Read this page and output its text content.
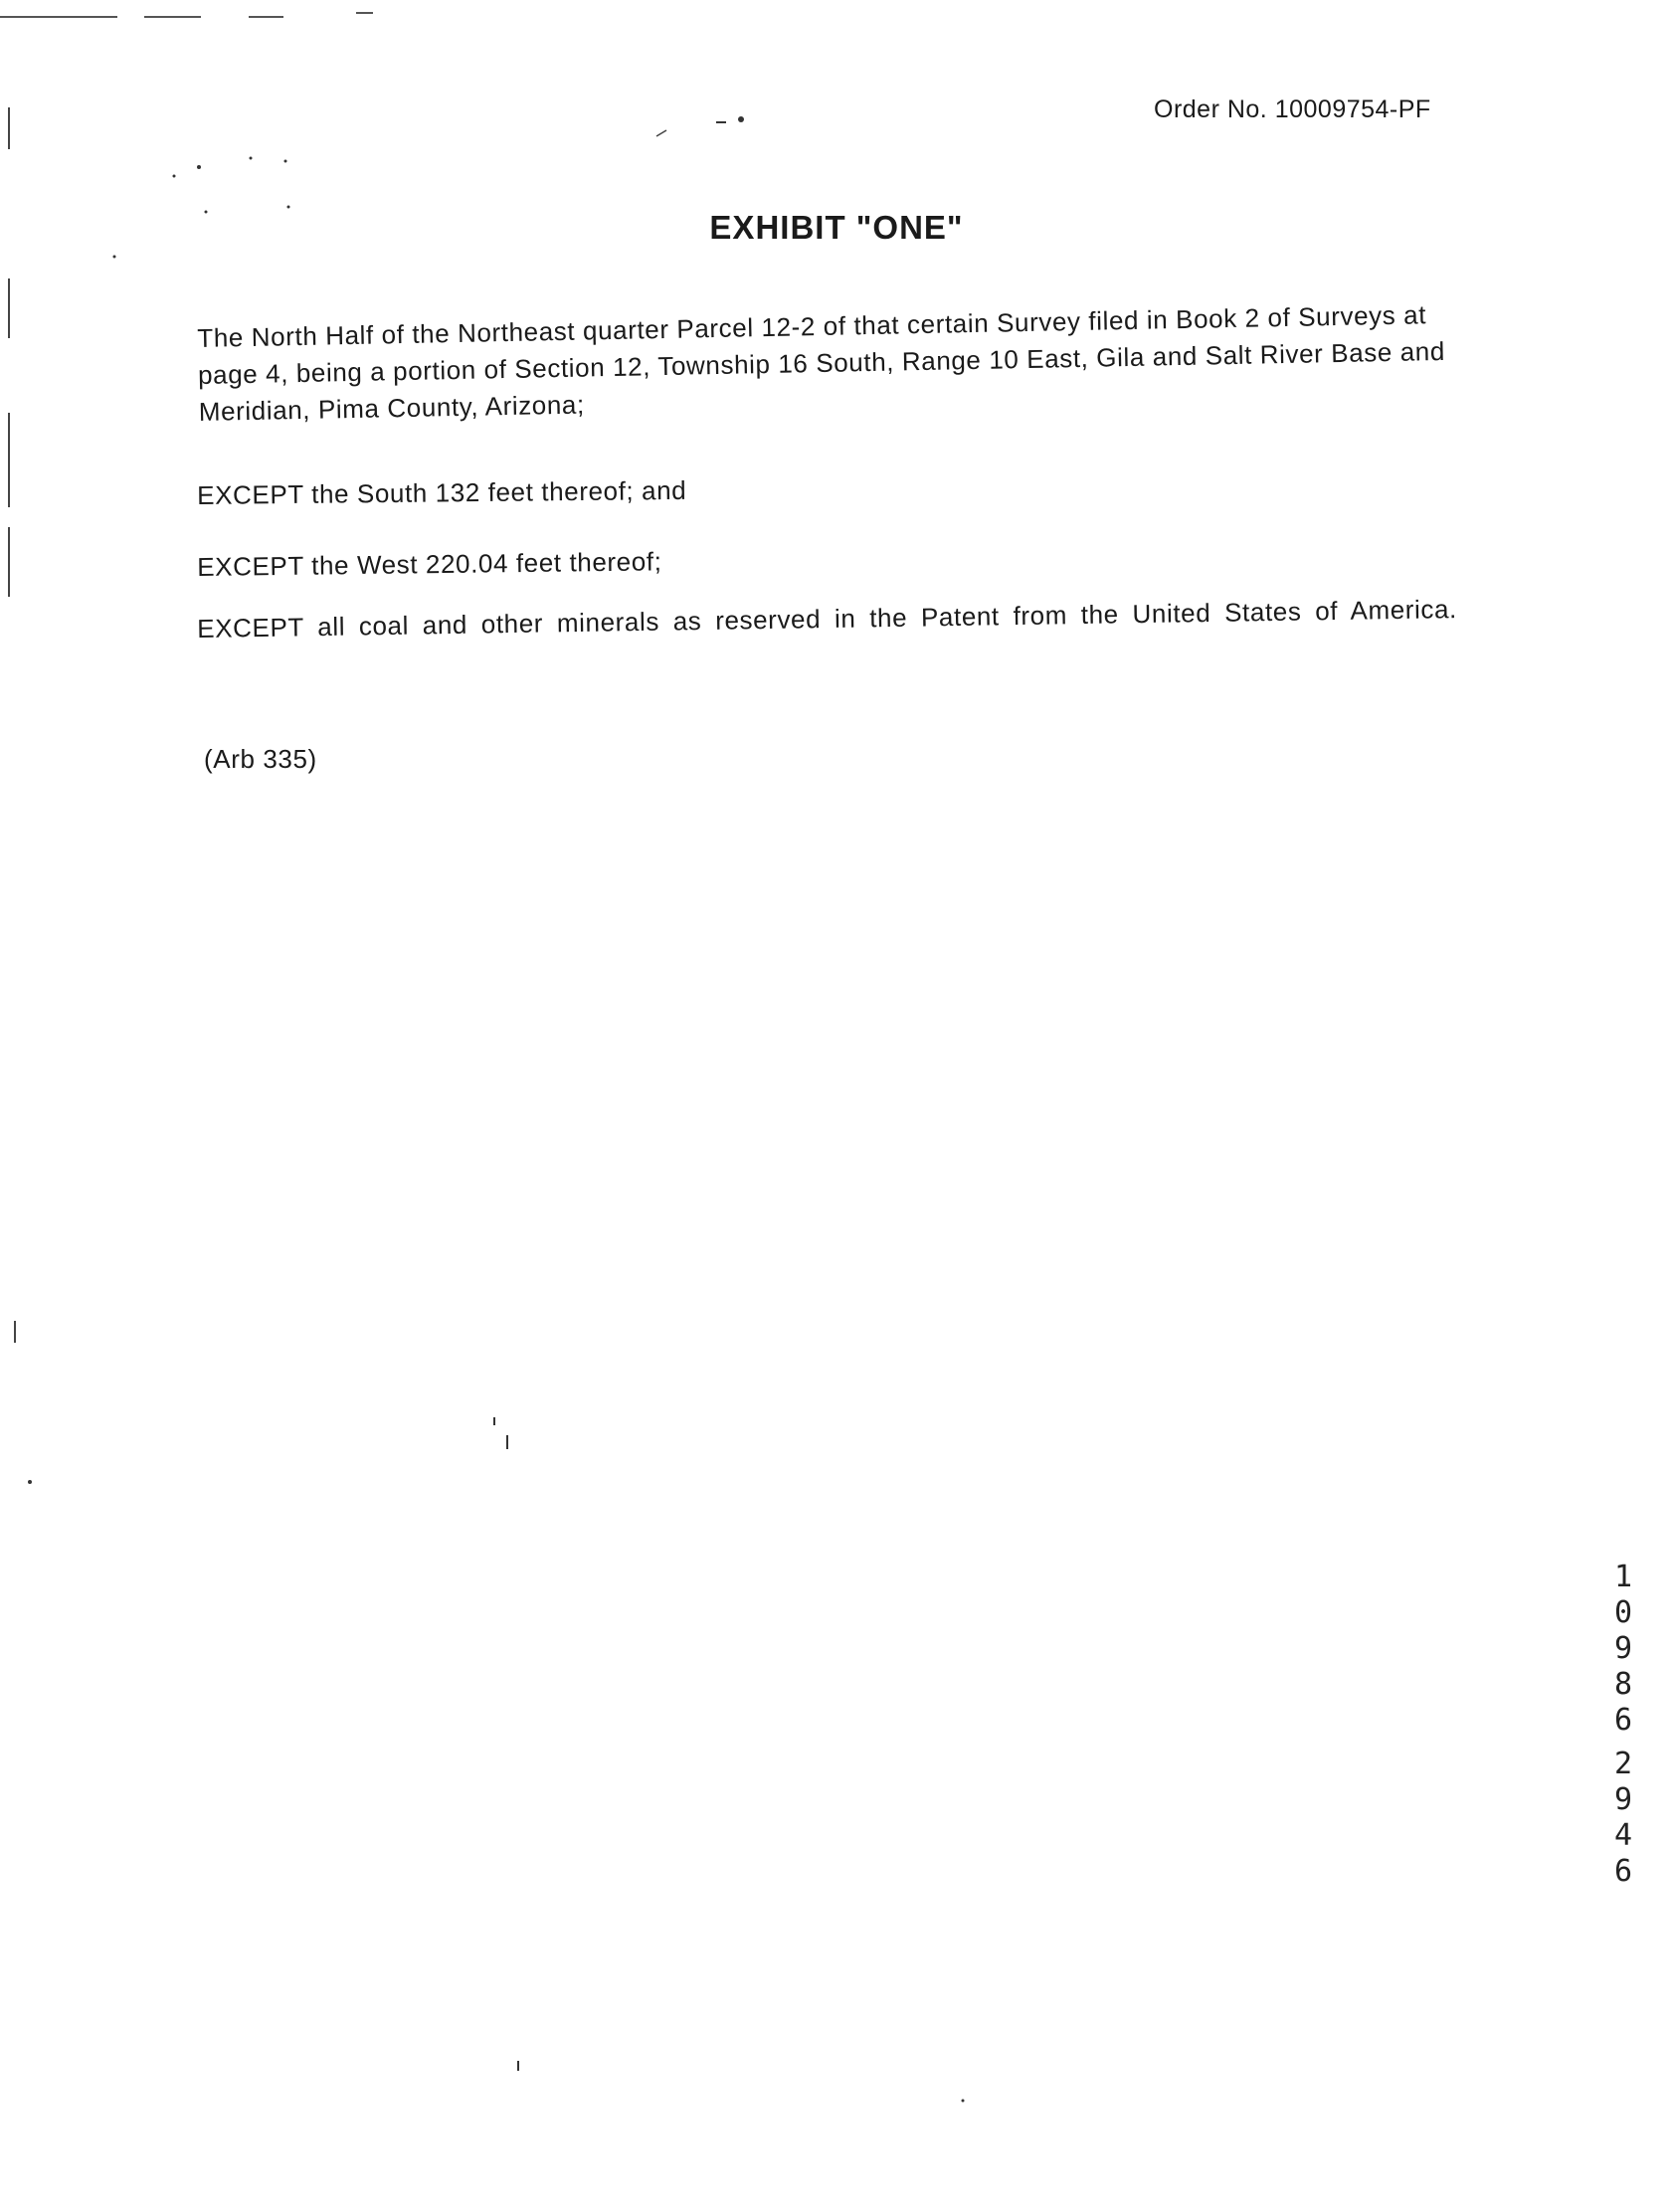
Order No. 10009754-PF
EXHIBIT "ONE"
The North Half of the Northeast quarter Parcel 12-2 of that certain Survey filed in Book 2 of Surveys at page 4, being a portion of Section 12, Township 16 South, Range 10 East, Gila and Salt River Base and Meridian, Pima County, Arizona;
EXCEPT the South 132 feet thereof; and
EXCEPT the West 220.04 feet thereof;
EXCEPT all coal and other minerals as reserved in the Patent from the United States of America.
(Arb 335)
1
0
9
8
6
2
9
4
6
